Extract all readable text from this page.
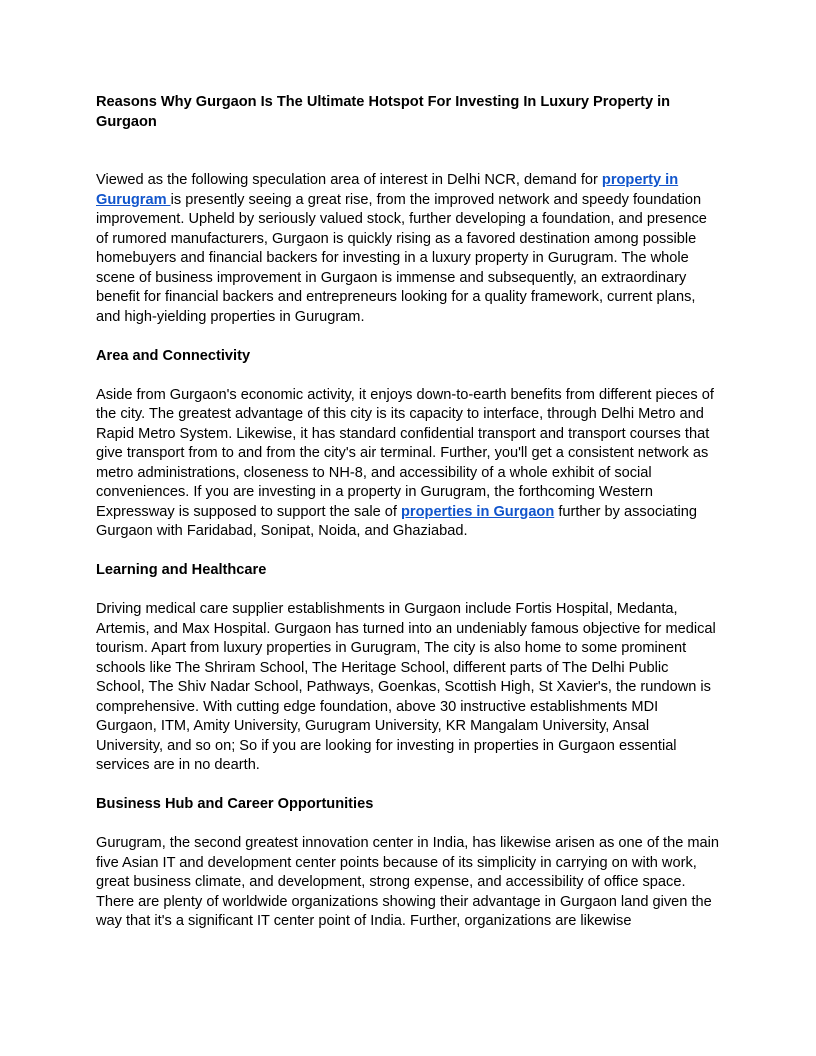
Reasons Why Gurgaon Is The Ultimate Hotspot For Investing In Luxury Property in Gurgaon

Viewed as the following speculation area of interest in Delhi NCR, demand for property in Gurugram is presently seeing a great rise, from the improved network and speedy foundation improvement. Upheld by seriously valued stock, further developing a foundation, and presence of rumored manufacturers, Gurgaon is quickly rising as a favored destination among possible homebuyers and financial backers for investing in a luxury property in Gurugram. The whole scene of business improvement in Gurgaon is immense and subsequently, an extraordinary benefit for financial backers and entrepreneurs looking for a quality framework, current plans, and high-yielding properties in Gurugram.

Area and Connectivity

Aside from Gurgaon's economic activity, it enjoys down-to-earth benefits from different pieces of the city. The greatest advantage of this city is its capacity to interface, through Delhi Metro and Rapid Metro System. Likewise, it has standard confidential transport and transport courses that give transport from to and from the city's air terminal. Further, you'll get a consistent network as metro administrations, closeness to NH-8, and accessibility of a whole exhibit of social conveniences. If you are investing in a property in Gurugram, the forthcoming Western Expressway is supposed to support the sale of properties in Gurgaon further by associating Gurgaon with Faridabad, Sonipat, Noida, and Ghaziabad.

Learning and Healthcare

Driving medical care supplier establishments in Gurgaon include Fortis Hospital, Medanta, Artemis, and Max Hospital. Gurgaon has turned into an undeniably famous objective for medical tourism. Apart from luxury properties in Gurugram, The city is also home to some prominent schools like The Shriram School, The Heritage School, different parts of The Delhi Public School, The Shiv Nadar School, Pathways, Goenkas, Scottish High, St Xavier's, the rundown is comprehensive. With cutting edge foundation, above 30 instructive establishments MDI Gurgaon, ITM, Amity University, Gurugram University, KR Mangalam University, Ansal University, and so on; So if you are looking for investing in properties in Gurgaon essential services are in no dearth.

Business Hub and Career Opportunities

Gurugram, the second greatest innovation center in India, has likewise arisen as one of the main five Asian IT and development center points because of its simplicity in carrying on with work, great business climate, and development, strong expense, and accessibility of office space. There are plenty of worldwide organizations showing their advantage in Gurgaon land given the way that it's a significant IT center point of India. Further, organizations are likewise
